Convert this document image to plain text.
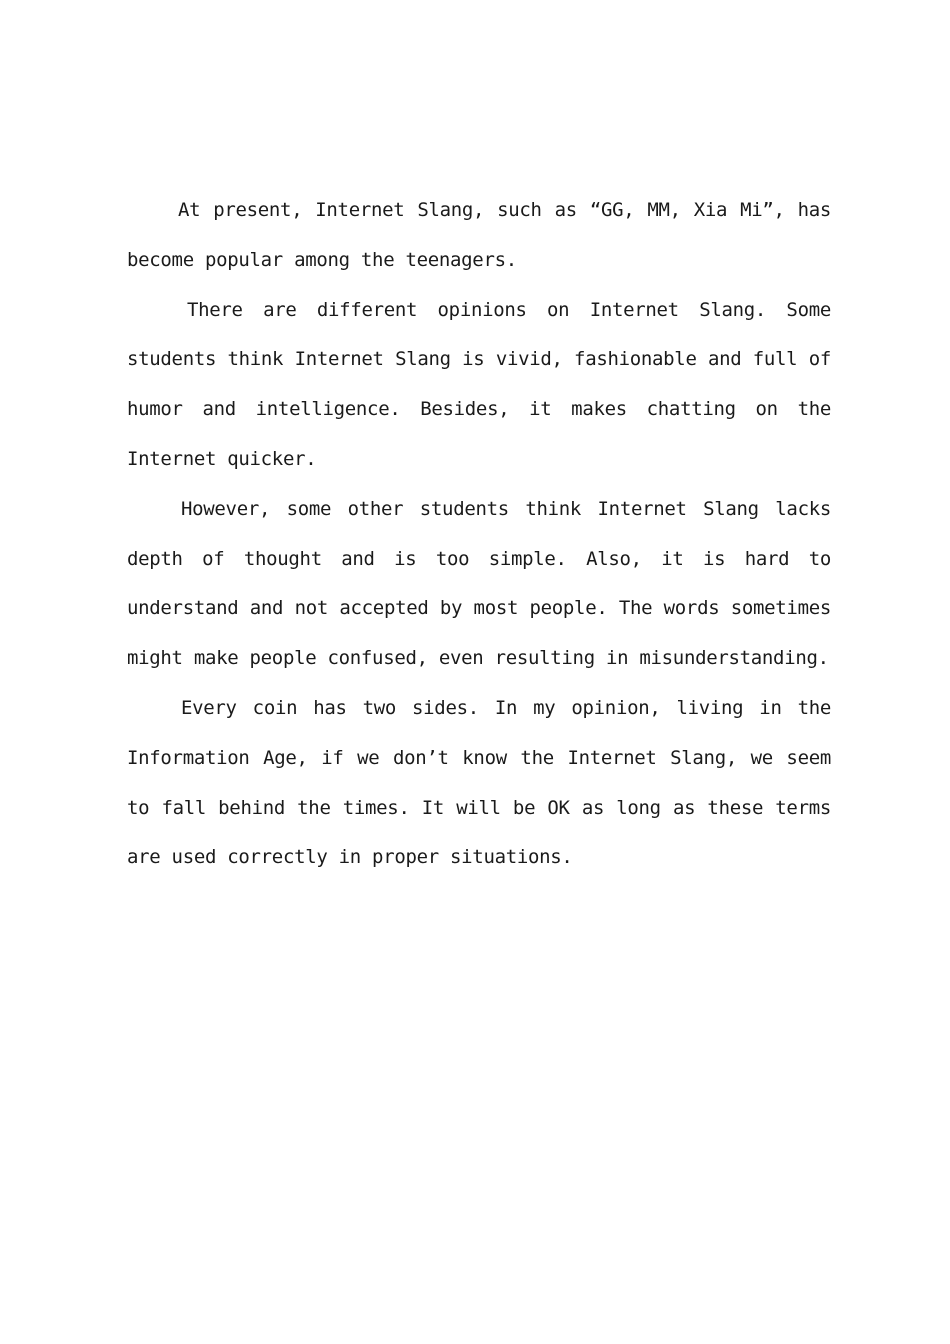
At present, Internet Slang, such as “GG, MM, Xia Mi”, has become popular among the teenagers.

There are different opinions on Internet Slang. Some students think Internet Slang is vivid, fashionable and full of humor and intelligence. Besides, it makes chatting on the Internet quicker.

However, some other students think Internet Slang lacks depth of thought and is too simple. Also, it is hard to understand and not accepted by most people. The words sometimes might make people confused, even resulting in misunderstanding.

Every coin has two sides. In my opinion, living in the Information Age, if we don’t know the Internet Slang, we seem to fall behind the times. It will be OK as long as these terms are used correctly in proper situations.
